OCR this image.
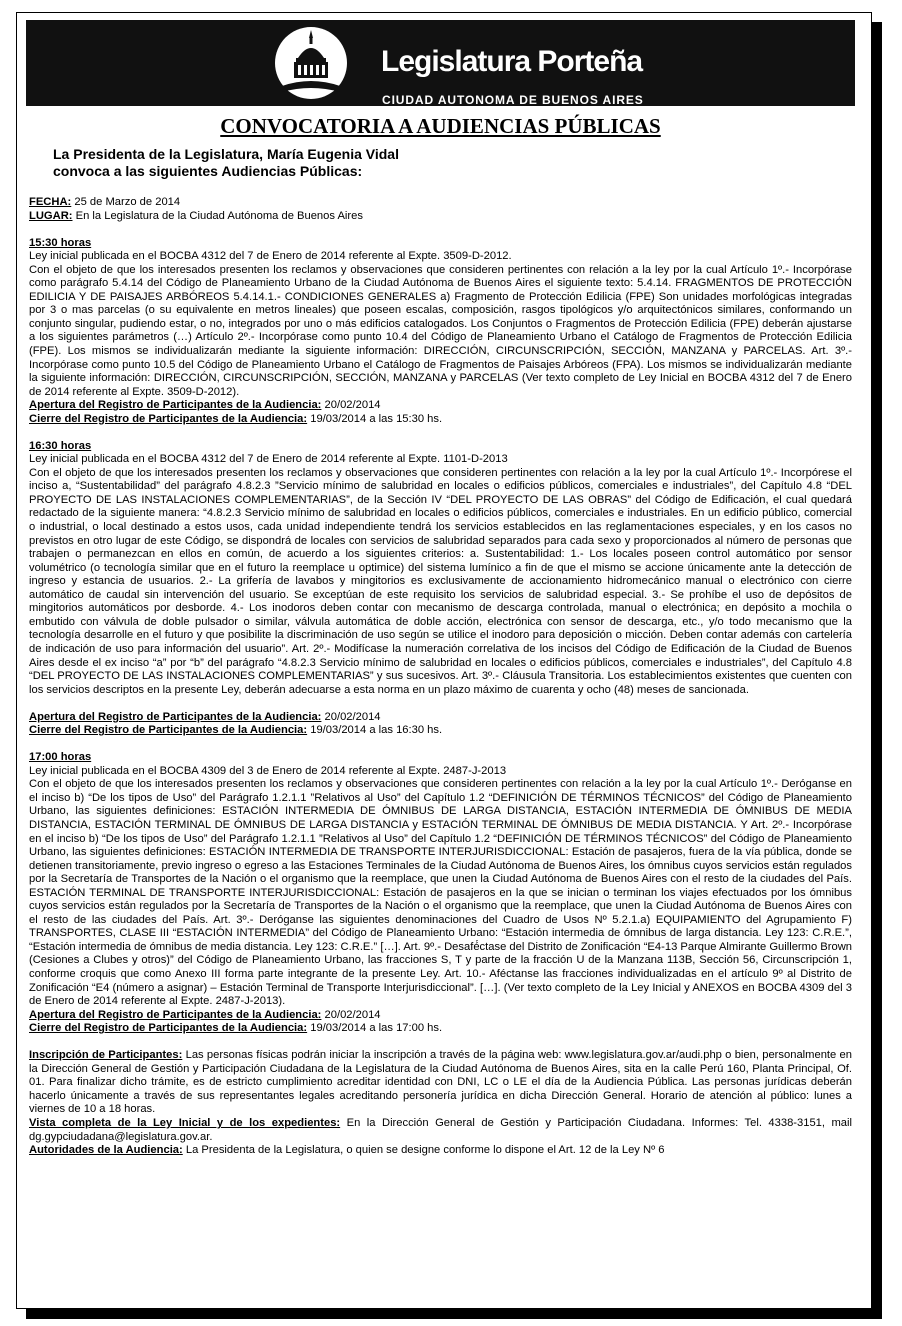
Legislatura Porteña
CIUDAD AUTONOMA DE BUENOS AIRES
CONVOCATORIA A AUDIENCIAS PÚBLICAS
La Presidenta de la Legislatura, María Eugenia Vidal
convoca a las siguientes Audiencias Públicas:

FECHA: 25 de Marzo de 2014

LUGAR: En la Legislatura de la Ciudad Autónoma de Buenos Aires

15:30 horas

Ley inicial publicada en el BOCBA 4312 del 7 de Enero de 2014 referente al Expte. 3509-D-2012.

Con el objeto de que los interesados presenten los reclamos y observaciones que consideren pertinentes con relación a la ley por la cual Artículo 1º.- Incorpórase como parágrafo 5.4.14 del Código de Planeamiento Urbano de la Ciudad Autónoma de Buenos Aires el siguiente texto: 5.4.14. FRAGMENTOS DE PROTECCIÓN EDILICIA Y DE PAISAJES ARBÓREOS 5.4.14.1.- CONDICIONES GENERALES a) Fragmento de Protección Edilicia (FPE) Son unidades morfológicas integradas por 3 o mas parcelas (o su equivalente en metros lineales) que poseen escalas, composición, rasgos tipológicos y/o arquitectónicos similares, conformando un conjunto singular, pudiendo estar, o no, integrados por uno o más edificios catalogados. Los Conjuntos o Fragmentos de Protección Edilicia (FPE) deberán ajustarse a los siguientes parámetros (…) Artículo 2º.- Incorpórase como punto 10.4 del Código de Planeamiento Urbano el Catálogo de Fragmentos de Protección Edilicia (FPE). Los mismos se individualizarán mediante la siguiente información: DIRECCIÓN, CIRCUNSCRIPCIÓN, SECCIÓN, MANZANA y PARCELAS. Art. 3º.- Incorpórase como punto 10.5 del Código de Planeamiento Urbano el Catálogo de Fragmentos de Paisajes Arbóreos (FPA). Los mismos se individualizarán mediante la siguiente información: DIRECCIÓN, CIRCUNSCRIPCIÓN, SECCIÓN, MANZANA y PARCELAS (Ver texto completo de Ley Inicial en BOCBA 4312 del 7 de Enero de 2014 referente al Expte. 3509-D-2012).

Apertura del Registro de Participantes de la Audiencia: 20/02/2014

Cierre del Registro de Participantes de la Audiencia: 19/03/2014 a las 15:30 hs.

16:30 horas

Ley inicial publicada en el BOCBA 4312 del 7 de Enero de 2014 referente al Expte. 1101-D-2013

Con el objeto de que los interesados presenten los reclamos y observaciones que consideren pertinentes con relación a la ley por la cual Artículo 1º.- Incorpórese el inciso a, “Sustentabilidad” del parágrafo 4.8.2.3 ”Servicio mínimo de salubridad en locales o edificios públicos, comerciales e industriales”, del Capítulo 4.8 “DEL PROYECTO DE LAS INSTALACIONES COMPLEMENTARIAS”, de la Sección IV “DEL PROYECTO DE LAS OBRAS” del Código de Edificación, el cual quedará redactado de la siguiente manera: “4.8.2.3 Servicio mínimo de salubridad en locales o edificios públicos, comerciales e industriales. En un edificio público, comercial o industrial, o local destinado a estos usos, cada unidad independiente tendrá los servicios establecidos en las reglamentaciones especiales, y en los casos no previstos en otro lugar de este Código, se dispondrá de locales con servicios de salubridad separados para cada sexo y proporcionados al número de personas que trabajen o permanezcan en ellos en común, de acuerdo a los siguientes criterios: a. Sustentabilidad: 1.- Los locales poseen control automático por sensor volumétrico (o tecnología similar que en el futuro la reemplace u optimice) del sistema lumínico a fin de que el mismo se accione únicamente ante la detección de ingreso y estancia de usuarios. 2.- La grifería de lavabos y mingitorios es exclusivamente de accionamiento hidromecánico manual o electrónico con cierre automático de caudal sin intervención del usuario. Se exceptúan de este requisito los servicios de salubridad especial. 3.- Se prohíbe el uso de depósitos de mingitorios automáticos por desborde. 4.- Los inodoros deben contar con mecanismo de descarga controlada, manual o electrónica; en depósito a mochila o embutido con válvula de doble pulsador o similar, válvula automática de doble acción, electrónica con sensor de descarga, etc., y/o todo mecanismo que la tecnología desarrolle en el futuro y que posibilite la discriminación de uso según se utilice el inodoro para deposición o micción. Deben contar además con cartelería de indicación de uso para información del usuario”. Art. 2º.- Modifícase la numeración correlativa de los incisos del Código de Edificación de la Ciudad de Buenos Aires desde el ex inciso “a” por “b” del parágrafo “4.8.2.3 Servicio mínimo de salubridad en locales o edificios públicos, comerciales e industriales”, del Capítulo 4.8 “DEL PROYECTO DE LAS INSTALACIONES COMPLEMENTARIAS” y sus sucesivos. Art. 3º.- Cláusula Transitoria. Los establecimientos existentes que cuenten con los servicios descriptos en la presente Ley, deberán adecuarse a esta norma en un plazo máximo de cuarenta y ocho (48) meses de sancionada.

Apertura del Registro de Participantes de la Audiencia: 20/02/2014

Cierre del Registro de Participantes de la Audiencia: 19/03/2014 a las 16:30 hs.

17:00 horas

Ley inicial publicada en el BOCBA 4309 del 3 de Enero de 2014 referente al Expte. 2487-J-2013

Con el objeto de que los interesados presenten los reclamos y observaciones que consideren pertinentes con relación a la ley por la cual Artículo 1º.- Deróganse en el inciso b) “De los tipos de Uso” del Parágrafo 1.2.1.1 ”Relativos al Uso” del Capítulo 1.2 “DEFINICIÓN DE TÉRMINOS TÉCNICOS” del Código de Planeamiento Urbano, las siguientes definiciones: ESTACIÓN INTERMEDIA DE ÓMNIBUS DE LARGA DISTANCIA, ESTACIÓN INTERMEDIA DE ÓMNIBUS DE MEDIA DISTANCIA, ESTACIÓN TERMINAL DE ÓMNIBUS DE LARGA DISTANCIA y ESTACIÓN TERMINAL DE ÓMNIBUS DE MEDIA DISTANCIA. Y Art. 2º.- Incorpórase en el inciso b) “De los tipos de Uso” del Parágrafo 1.2.1.1 ”Relativos al Uso” del Capítulo 1.2 “DEFINICIÓN DE TÉRMINOS TÉCNICOS” del Código de Planeamiento Urbano, las siguientes definiciones: ESTACIÓN INTERMEDIA DE TRANSPORTE INTERJURISDICCIONAL: Estación de pasajeros, fuera de la vía pública, donde se detienen transitoriamente, previo ingreso o egreso a las Estaciones Terminales de la Ciudad Autónoma de Buenos Aires, los ómnibus cuyos servicios están regulados por la Secretaría de Transportes de la Nación o el organismo que la reemplace, que unen la Ciudad Autónoma de Buenos Aires con el resto de la ciudades del País. ESTACIÓN TERMINAL DE TRANSPORTE INTERJURISDICCIONAL: Estación de pasajeros en la que se inician o terminan los viajes efectuados por los ómnibus cuyos servicios están regulados por la Secretaría de Transportes de la Nación o el organismo que la reemplace, que unen la Ciudad Autónoma de Buenos Aires con el resto de las ciudades del País. Art. 3º.- Deróganse las siguientes denominaciones del Cuadro de Usos Nº 5.2.1.a) EQUIPAMIENTO del Agrupamiento F) TRANSPORTES, CLASE III “ESTACIÓN INTERMEDIA” del Código de Planeamiento Urbano: “Estación intermedia de ómnibus de larga distancia. Ley 123: C.R.E.”, “Estación intermedia de ómnibus de media distancia. Ley 123: C.R.E.” […]. Art. 9º.- Desafé́ctase del Distrito de Zonificación “E4-13 Parque Almirante Guillermo Brown (Cesiones a Clubes y otros)” del Código de Planeamiento Urbano, las fracciones S, T y parte de la fracción U de la Manzana 113B, Sección 56, Circunscripción 1, conforme croquis que como Anexo III forma parte integrante de la presente Ley. Art. 10.- Aféctanse las fracciones individualizadas en el artículo 9º al Distrito de Zonificación “E4 (número a asignar) – Estación Terminal de Transporte Interjurisdiccional”. […]. (Ver texto completo de la Ley Inicial y ANEXOS en BOCBA 4309 del 3 de Enero de 2014 referente al Expte. 2487-J-2013).

Apertura del Registro de Participantes de la Audiencia: 20/02/2014

Cierre del Registro de Participantes de la Audiencia: 19/03/2014 a las 17:00 hs.

Inscripción de Participantes: Las personas físicas podrán iniciar la inscripción a través de la página web: www.legislatura.gov.ar/audi.php o bien, personalmente en la Dirección General de Gestión y Participación Ciudadana de la Legislatura de la Ciudad Autónoma de Buenos Aires, sita en la calle Perú 160, Planta Principal, Of. 01. Para finalizar dicho trámite, es de estricto cumplimiento acreditar identidad con DNI, LC o LE el día de la Audiencia Pública. Las personas jurídicas deberán hacerlo únicamente a través de sus representantes legales acreditando personería jurídica en dicha Dirección General. Horario de atención al público: lunes a viernes de 10 a 18 horas.

Vista completa de la Ley Inicial y de los expedientes: En la Dirección General de Gestión y Participación Ciudadana. Informes: Tel. 4338-3151, mail dg.gypciudadana@legislatura.gov.ar.

Autoridades de la Audiencia: La Presidenta de la Legislatura, o quien se designe conforme lo dispone el Art. 12 de la Ley Nº 6
